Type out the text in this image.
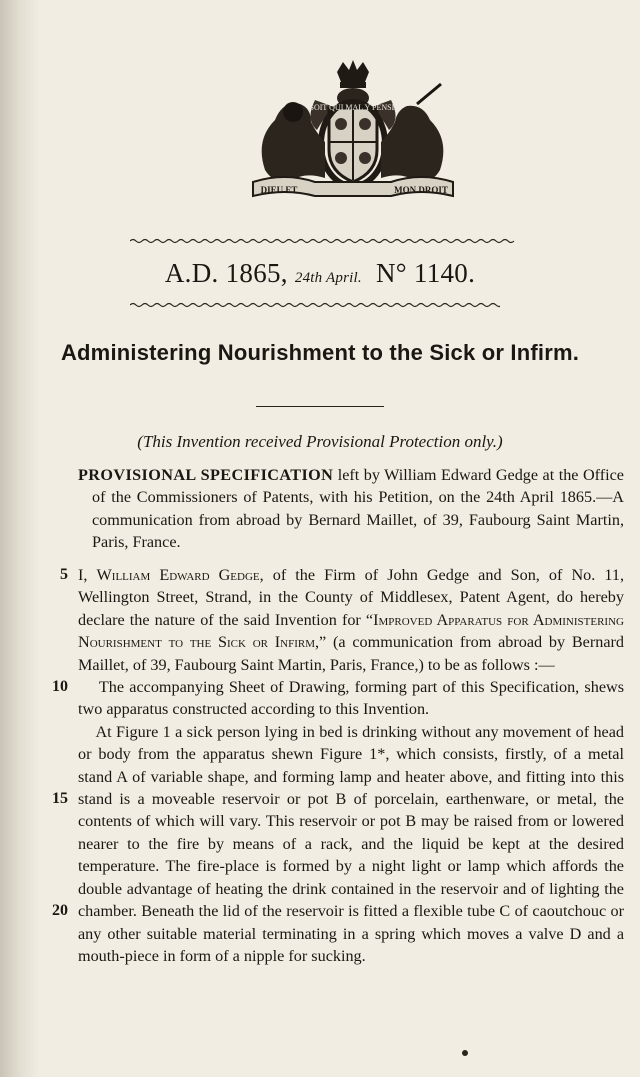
SOIT QUI MAL Y PENSE
DIEU ET	MON DROIT
A.D. 1865, 24th April. N° 1140.
Administering Nourishment to the Sick or Infirm.
(This Invention received Provisional Protection only.)

PROVISIONAL SPECIFICATION left by William Edward Gedge at the Office of the Commissioners of Patents, with his Petition, on the 24th April 1865.—A communication from abroad by Bernard Maillet, of 39, Faubourg Saint Martin, Paris, France.

5
10
15
20

I, William Edward Gedge, of the Firm of John Gedge and Son, of No. 11, Wellington Street, Strand, in the County of Middlesex, Patent Agent, do hereby declare the nature of the said Invention for “Improved Apparatus for Administering Nourishment to the Sick or Infirm,” (a communication from abroad by Bernard Maillet, of 39, Faubourg Saint Martin, Paris, France,) to be as follows :—

The accompanying Sheet of Drawing, forming part of this Specification, shews two apparatus constructed according to this Invention.

At Figure 1 a sick person lying in bed is drinking without any movement of head or body from the apparatus shewn Figure 1*, which consists, firstly, of a metal stand A of variable shape, and forming lamp and heater above, and fitting into this stand is a moveable reservoir or pot B of porcelain, earthenware, or metal, the contents of which will vary. This reservoir or pot B may be raised from or lowered nearer to the fire by means of a rack, and the liquid be kept at the desired temperature. The fire-place is formed by a night light or lamp which affords the double advantage of heating the drink contained in the reservoir and of lighting the chamber. Beneath the lid of the reservoir is fitted a flexible tube C of caoutchouc or any other suitable material terminating in a spring which moves a valve D and a mouth-piece in form of a nipple for sucking.
